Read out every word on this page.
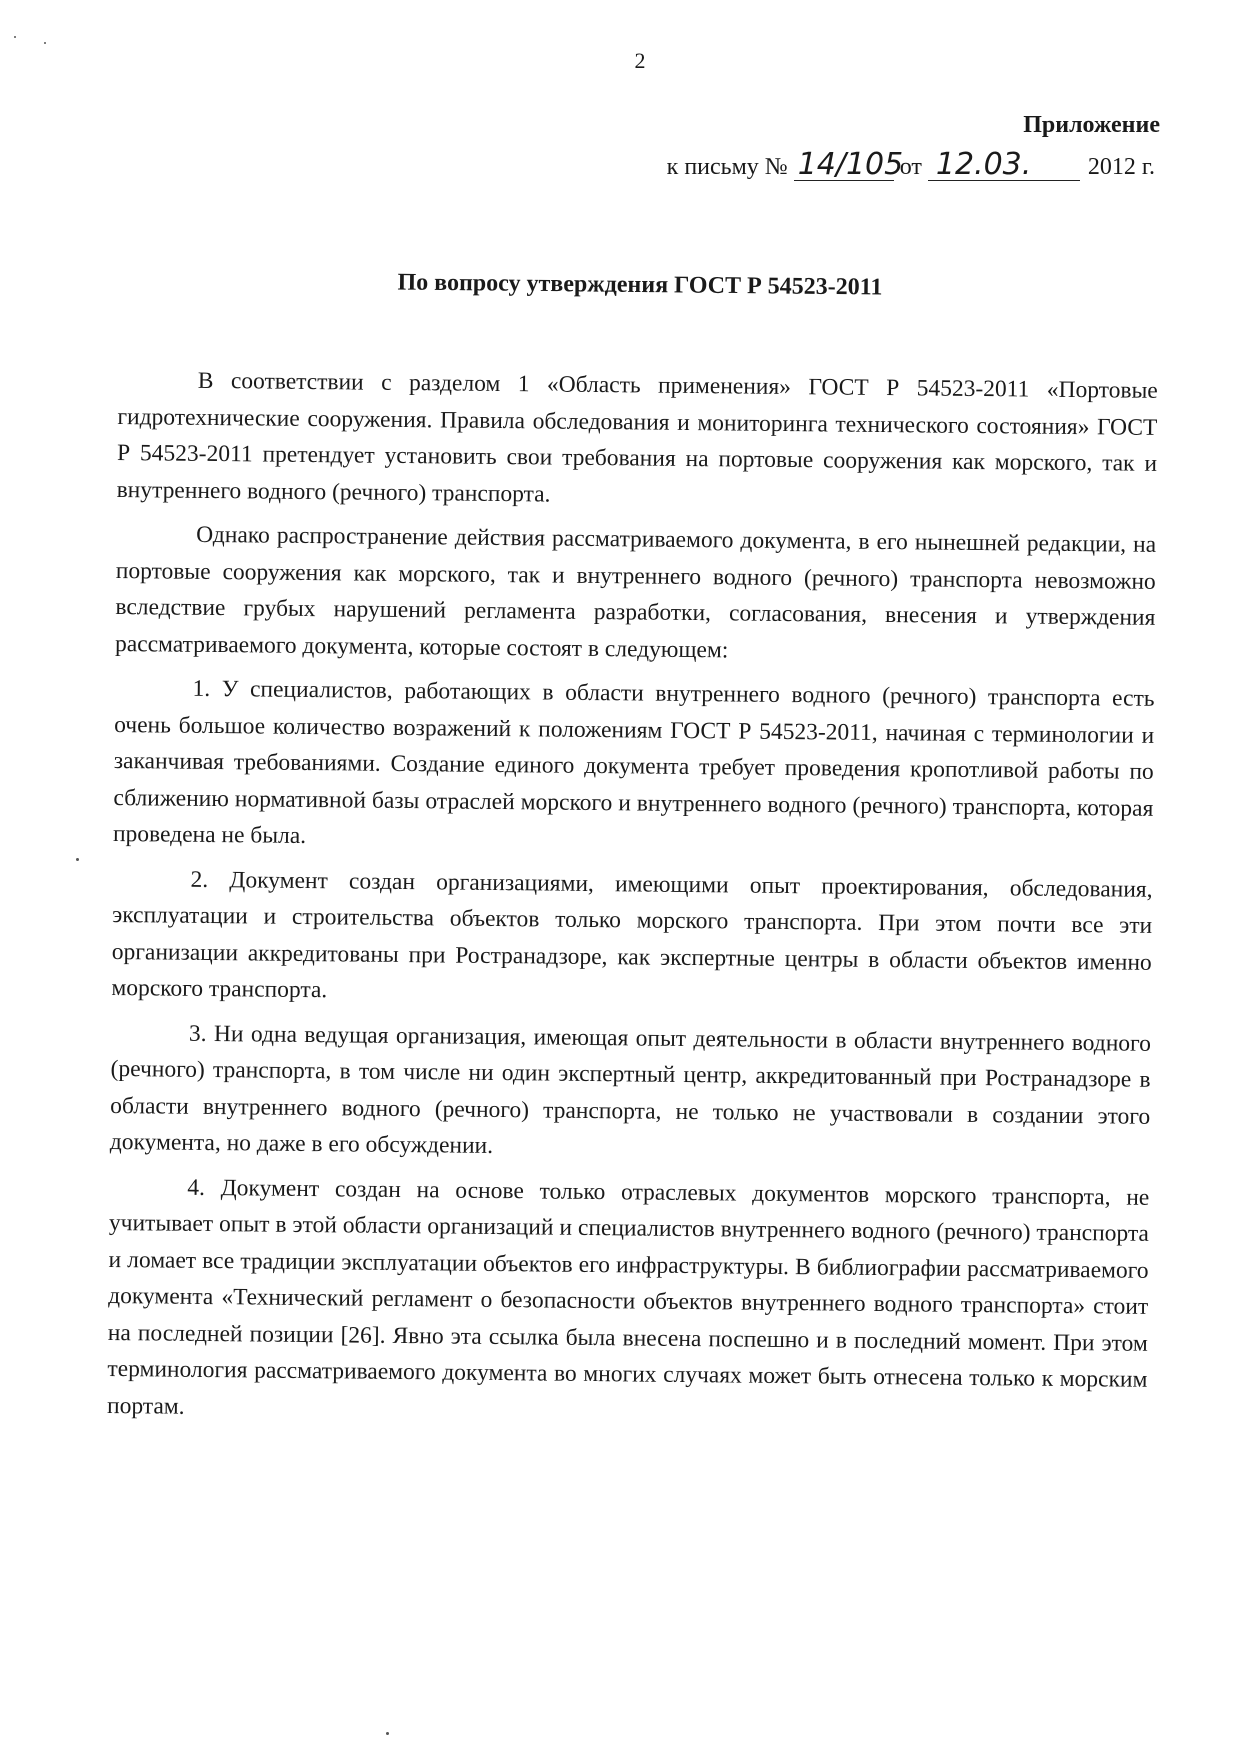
2
Приложение
к письму № 14/105 от 12.03. 2012 г.
По вопросу утверждения ГОСТ Р 54523-2011

В соответствии с разделом 1 «Область применения» ГОСТ Р 54523-2011 «Портовые гидротехнические сооружения. Правила обследования и мониторинга технического состояния» ГОСТ Р 54523-2011 претендует установить свои требования на портовые сооружения как морского, так и внутреннего водного (речного) транспорта.

Однако распространение действия рассматриваемого документа, в его нынешней редакции, на портовые сооружения как морского, так и внутреннего водного (речного) транспорта невозможно вследствие грубых нарушений регламента разработки, согласования, внесения и утверждения рассматриваемого документа, которые состоят в следующем:

1. У специалистов, работающих в области внутреннего водного (речного) транспорта есть очень большое количество возражений к положениям ГОСТ Р 54523-2011, начиная с терминологии и заканчивая требованиями. Создание единого документа требует проведения кропотливой работы по сближению нормативной базы отраслей морского и внутреннего водного (речного) транспорта, которая проведена не была.

2. Документ создан организациями, имеющими опыт проектирования, обследования, эксплуатации и строительства объектов только морского транспорта. При этом почти все эти организации аккредитованы при Ространадзоре, как экспертные центры в области объектов именно морского транспорта.

3. Ни одна ведущая организация, имеющая опыт деятельности в области внутреннего водного (речного) транспорта, в том числе ни один экспертный центр, аккредитованный при Ространадзоре в области внутреннего водного (речного) транспорта, не только не участвовали в создании этого документа, но даже в его обсуждении.

4. Документ создан на основе только отраслевых документов морского транспорта, не учитывает опыт в этой области организаций и специалистов внутреннего водного (речного) транспорта и ломает все традиции эксплуатации объектов его инфраструктуры. В библиографии рассматриваемого документа «Технический регламент о безопасности объектов внутреннего водного транспорта» стоит на последней позиции [26]. Явно эта ссылка была внесена поспешно и в последний момент. При этом терминология рассматриваемого документа во многих случаях может быть отнесена только к морским портам.
